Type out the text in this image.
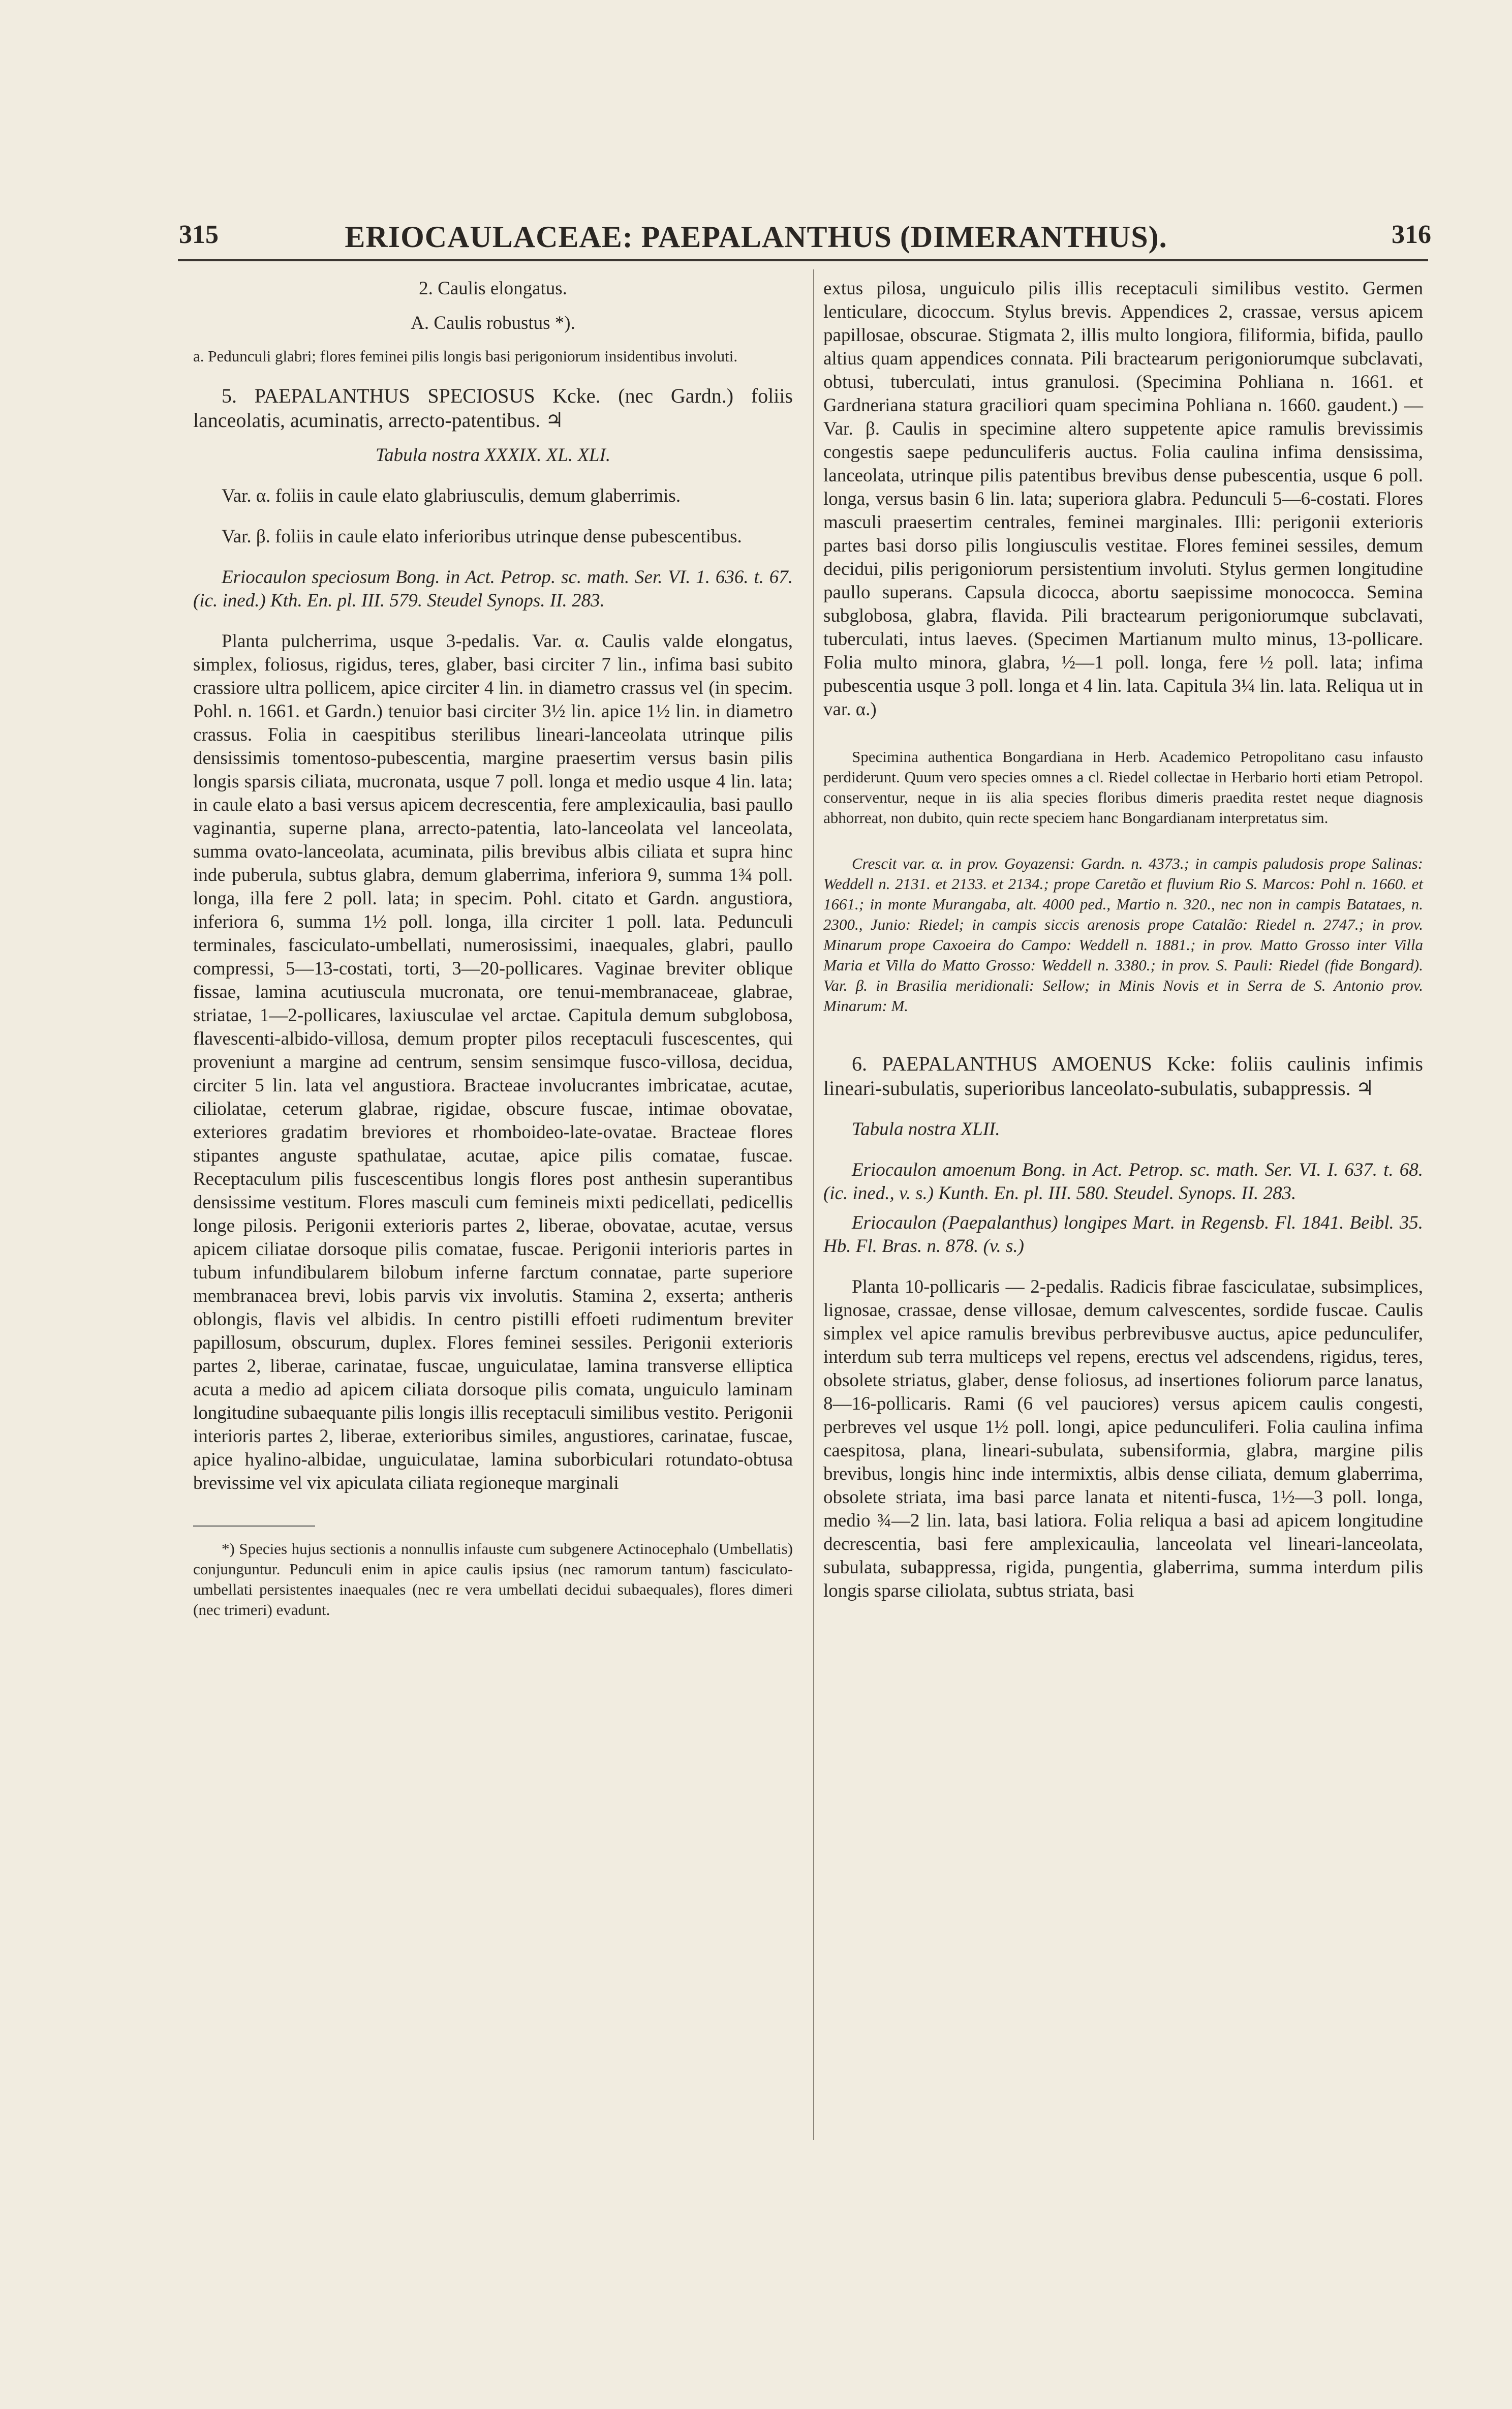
315	ERIOCAULACEAE: PAEPALANTHUS (DIMERANTHUS).	316

2. Caulis elongatus.

A. Caulis robustus *).

a. Pedunculi glabri; flores feminei pilis longis basi perigoniorum insidentibus involuti.

5. PAEPALANTHUS SPECIOSUS Kcke. (nec Gardn.) foliis lanceolatis, acuminatis, arrecto-patentibus. ♃

Tabula nostra XXXIX. XL. XLI.

Var. α. foliis in caule elato glabriusculis, demum glaberrimis.

Var. β. foliis in caule elato inferioribus utrinque dense pubescentibus.

Eriocaulon speciosum Bong. in Act. Petrop. sc. math. Ser. VI. 1. 636. t. 67. (ic. ined.) Kth. En. pl. III. 579. Steudel Synops. II. 283.

Planta pulcherrima, usque 3-pedalis. Var. α. Caulis valde elongatus, simplex, foliosus, rigidus, teres, glaber, basi circiter 7 lin., infima basi subito crassiore ultra pollicem, apice circiter 4 lin. in diametro crassus vel (in specim. Pohl. n. 1661. et Gardn.) tenuior basi circiter 3½ lin. apice 1½ lin. in diametro crassus. Folia in caespitibus sterilibus lineari-lanceolata utrinque pilis densissimis tomentoso-pubescentia, margine praesertim versus basin pilis longis sparsis ciliata, mucronata, usque 7 poll. longa et medio usque 4 lin. lata; in caule elato a basi versus apicem decrescentia, fere amplexicaulia, basi paullo vaginantia, superne plana, arrecto-patentia, lato-lanceolata vel lanceolata, summa ovato-lanceolata, acuminata, pilis brevibus albis ciliata et supra hinc inde puberula, subtus glabra, demum glaberrima, inferiora 9, summa 1¾ poll. longa, illa fere 2 poll. lata; in specim. Pohl. citato et Gardn. angustiora, inferiora 6, summa 1½ poll. longa, illa circiter 1 poll. lata. Pedunculi terminales, fasciculato-umbellati, numerosissimi, inaequales, glabri, paullo compressi, 5—13-costati, torti, 3—20-pollicares. Vaginae breviter oblique fissae, lamina acutiuscula mucronata, ore tenui-membranaceae, glabrae, striatae, 1—2-pollicares, laxiusculae vel arctae. Capitula demum subglobosa, flavescenti-albido-villosa, demum propter pilos receptaculi fuscescentes, qui proveniunt a margine ad centrum, sensim sensimque fusco-villosa, decidua, circiter 5 lin. lata vel angustiora. Bracteae involucrantes imbricatae, acutae, ciliolatae, ceterum glabrae, rigidae, obscure fuscae, intimae obovatae, exteriores gradatim breviores et rhomboideo-late-ovatae. Bracteae flores stipantes anguste spathulatae, acutae, apice pilis comatae, fuscae. Receptaculum pilis fuscescentibus longis flores post anthesin superantibus densissime vestitum. Flores masculi cum femineis mixti pedicellati, pedicellis longe pilosis. Perigonii exterioris partes 2, liberae, obovatae, acutae, versus apicem ciliatae dorsoque pilis comatae, fuscae. Perigonii interioris partes in tubum infundibularem bilobum inferne farctum connatae, parte superiore membranacea brevi, lobis parvis vix involutis. Stamina 2, exserta; antheris oblongis, flavis vel albidis. In centro pistilli effoeti rudimentum breviter papillosum, obscurum, duplex. Flores feminei sessiles. Perigonii exterioris partes 2, liberae, carinatae, fuscae, unguiculatae, lamina transverse elliptica acuta a medio ad apicem ciliata dorsoque pilis comata, unguiculo laminam longitudine subaequante pilis longis illis receptaculi similibus vestito. Perigonii interioris partes 2, liberae, exterioribus similes, angustiores, carinatae, fuscae, apice hyalino-albidae, unguiculatae, lamina suborbiculari rotundato-obtusa brevissime vel vix apiculata ciliata regioneque marginali

*) Species hujus sectionis a nonnullis infauste cum subgenere Actinocephalo (Umbellatis) conjunguntur. Pedunculi enim in apice caulis ipsius (nec ramorum tantum) fasciculato-umbellati persistentes inaequales (nec re vera umbellati decidui subaequales), flores dimeri (nec trimeri) evadunt.

extus pilosa, unguiculo pilis illis receptaculi similibus vestito. Germen lenticulare, dicoccum. Stylus brevis. Appendices 2, crassae, versus apicem papillosae, obscurae. Stigmata 2, illis multo longiora, filiformia, bifida, paullo altius quam appendices connata. Pili bractearum perigoniorumque subclavati, obtusi, tuberculati, intus granulosi. (Specimina Pohliana n. 1661. et Gardneriana statura graciliori quam specimina Pohliana n. 1660. gaudent.) — Var. β. Caulis in specimine altero suppetente apice ramulis brevissimis congestis saepe pedunculiferis auctus. Folia caulina infima densissima, lanceolata, utrinque pilis patentibus brevibus dense pubescentia, usque 6 poll. longa, versus basin 6 lin. lata; superiora glabra. Pedunculi 5—6-costati. Flores masculi praesertim centrales, feminei marginales. Illi: perigonii exterioris partes basi dorso pilis longiusculis vestitae. Flores feminei sessiles, demum decidui, pilis perigoniorum persistentium involuti. Stylus germen longitudine paullo superans. Capsula dicocca, abortu saepissime monococca. Semina subglobosa, glabra, flavida. Pili bractearum perigoniorumque subclavati, tuberculati, intus laeves. (Specimen Martianum multo minus, 13-pollicare. Folia multo minora, glabra, ½—1 poll. longa, fere ½ poll. lata; infima pubescentia usque 3 poll. longa et 4 lin. lata. Capitula 3¼ lin. lata. Reliqua ut in var. α.)

Specimina authentica Bongardiana in Herb. Academico Petropolitano casu infausto perdiderunt. Quum vero species omnes a cl. Riedel collectae in Herbario horti etiam Petropol. conserventur, neque in iis alia species floribus dimeris praedita restet neque diagnosis abhorreat, non dubito, quin recte speciem hanc Bongardianam interpretatus sim.

Crescit var. α. in prov. Goyazensi: Gardn. n. 4373.; in campis paludosis prope Salinas: Weddell n. 2131. et 2133. et 2134.; prope Caretão et fluvium Rio S. Marcos: Pohl n. 1660. et 1661.; in monte Murangaba, alt. 4000 ped., Martio n. 320., nec non in campis Batataes, n. 2300., Junio: Riedel; in campis siccis arenosis prope Catalão: Riedel n. 2747.; in prov. Minarum prope Caxoeira do Campo: Weddell n. 1881.; in prov. Matto Grosso inter Villa Maria et Villa do Matto Grosso: Weddell n. 3380.; in prov. S. Pauli: Riedel (fide Bongard). Var. β. in Brasilia meridionali: Sellow; in Minis Novis et in Serra de S. Antonio prov. Minarum: M.

6. PAEPALANTHUS AMOENUS Kcke: foliis caulinis infimis lineari-subulatis, superioribus lanceolato-subulatis, subappressis. ♃

Tabula nostra XLII.

Eriocaulon amoenum Bong. in Act. Petrop. sc. math. Ser. VI. I. 637. t. 68. (ic. ined., v. s.) Kunth. En. pl. III. 580. Steudel. Synops. II. 283.

Eriocaulon (Paepalanthus) longipes Mart. in Regensb. Fl. 1841. Beibl. 35. Hb. Fl. Bras. n. 878. (v. s.)

Planta 10-pollicaris — 2-pedalis. Radicis fibrae fasciculatae, subsimplices, lignosae, crassae, dense villosae, demum calvescentes, sordide fuscae. Caulis simplex vel apice ramulis brevibus perbrevibusve auctus, apice pedunculifer, interdum sub terra multiceps vel repens, erectus vel adscendens, rigidus, teres, obsolete striatus, glaber, dense foliosus, ad insertiones foliorum parce lanatus, 8—16-pollicaris. Rami (6 vel pauciores) versus apicem caulis congesti, perbreves vel usque 1½ poll. longi, apice pedunculiferi. Folia caulina infima caespitosa, plana, lineari-subulata, subensiformia, glabra, margine pilis brevibus, longis hinc inde intermixtis, albis dense ciliata, demum glaberrima, obsolete striata, ima basi parce lanata et nitenti-fusca, 1½—3 poll. longa, medio ¾—2 lin. lata, basi latiora. Folia reliqua a basi ad apicem longitudine decrescentia, basi fere amplexicaulia, lanceolata vel lineari-lanceolata, subulata, subappressa, rigida, pungentia, glaberrima, summa interdum pilis longis sparse ciliolata, subtus striata, basi
